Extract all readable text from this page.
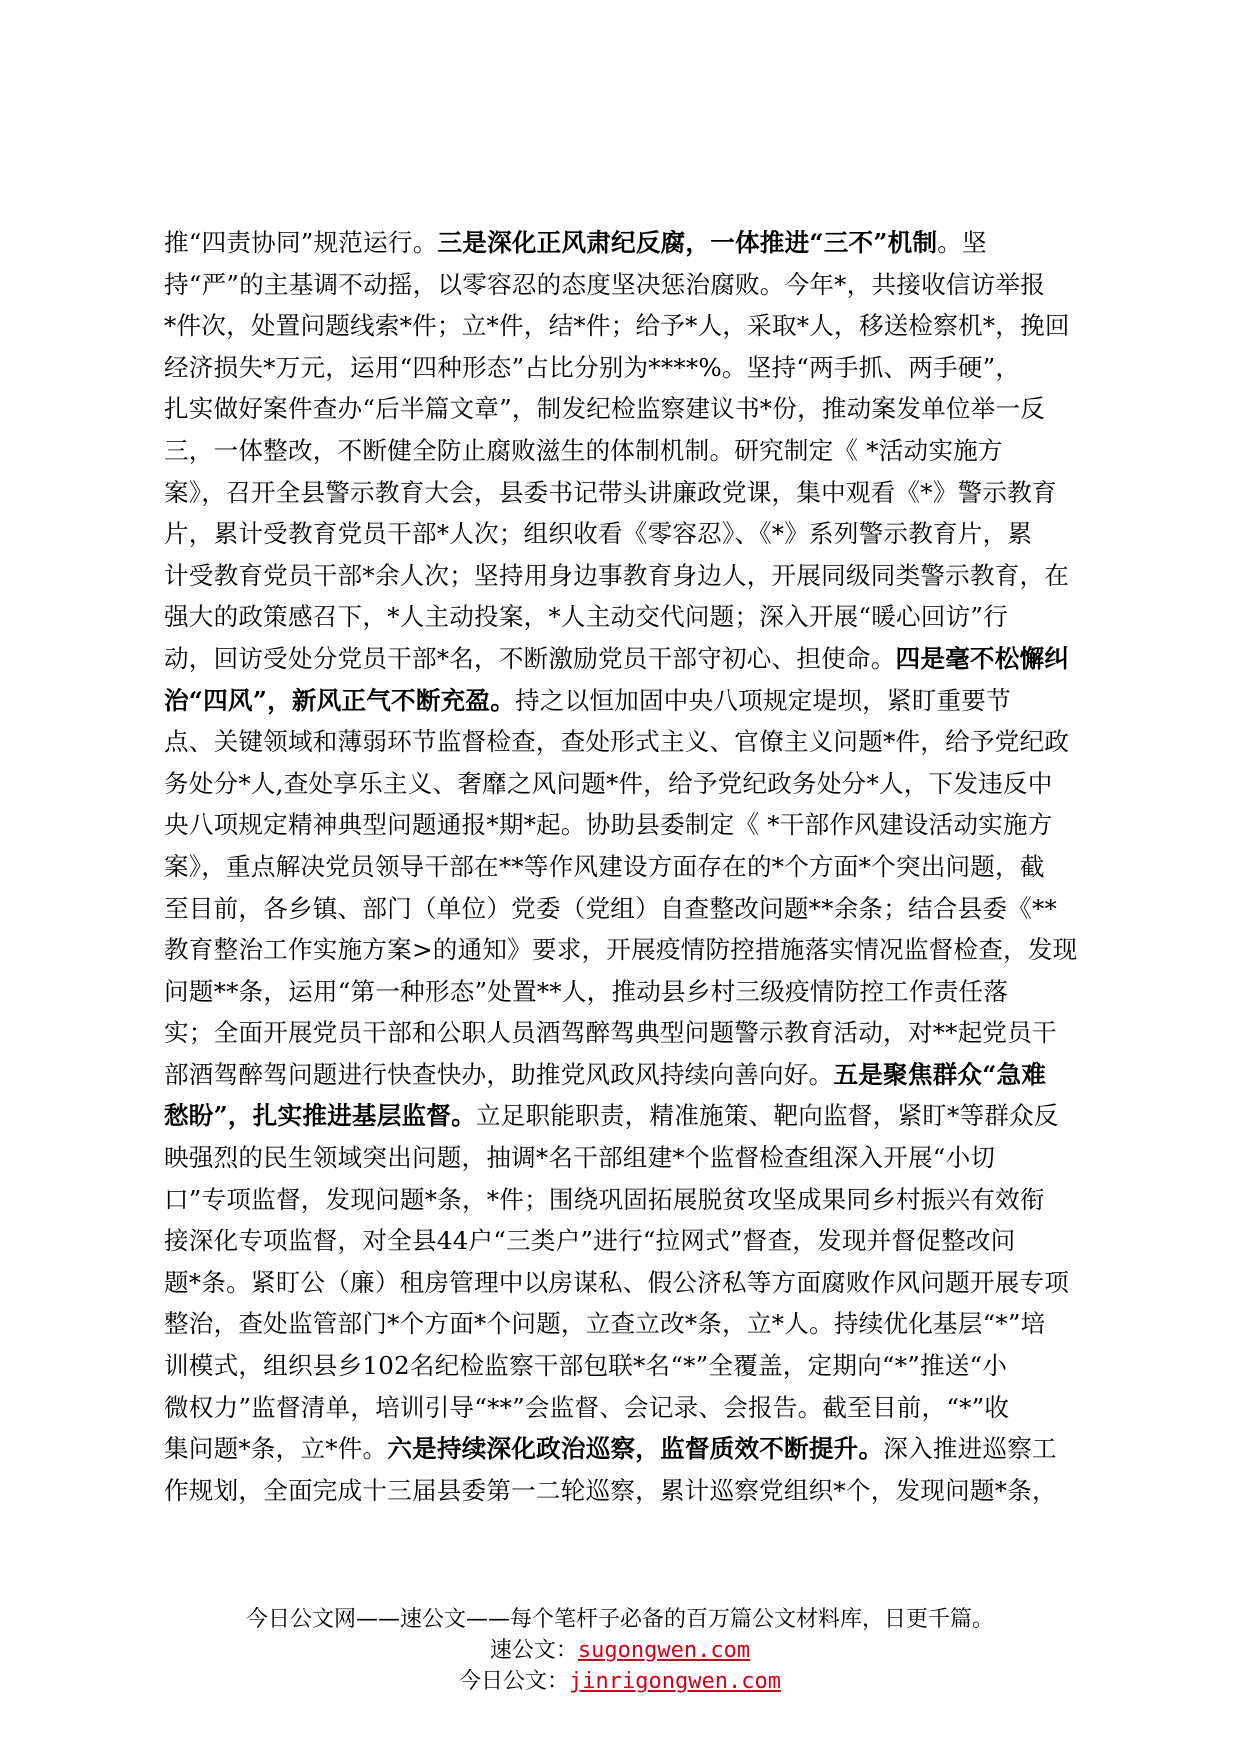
推“四责协同”规范运行。三是深化正风肃纪反腐，一体推进“三不”机制。坚
持“严”的主基调不动摇，以零容忍的态度坚决惩治腐败。今年*，共接收信访举报
*件次，处置问题线索*件；立*件，结*件；给予*人，采取*人，移送检察机*，挽回
经济损失*万元，运用“四种形态”占比分别为****%。坚持“两手抓、两手硬”，
扎实做好案件查办“后半篇文章”，制发纪检监察建议书*份，推动案发单位举一反
三，一体整改，不断健全防止腐败滋生的体制机制。研究制定《 *活动实施方
案》，召开全县警示教育大会，县委书记带头讲廉政党课，集中观看《*》警示教育
片，累计受教育党员干部*人次；组织收看《零容忍》、《*》系列警示教育片，累
计受教育党员干部*余人次；坚持用身边事教育身边人，开展同级同类警示教育，在
强大的政策感召下，*人主动投案，*人主动交代问题；深入开展“暖心回访”行
动，回访受处分党员干部*名，不断激励党员干部守初心、担使命。四是毫不松懈纠
治“四风”，新风正气不断充盈。持之以恒加固中央八项规定堤坝，紧盯重要节
点、关键领域和薄弱环节监督检查，查处形式主义、官僚主义问题*件，给予党纪政
务处分*人,查处享乐主义、奢靡之风问题*件，给予党纪政务处分*人，下发违反中
央八项规定精神典型问题通报*期*起。协助县委制定《 *干部作风建设活动实施方
案》，重点解决党员领导干部在**等作风建设方面存在的*个方面*个突出问题，截
至目前，各乡镇、部门（单位）党委（党组）自查整改问题**余条；结合县委《**
教育整治工作实施方案>的通知》要求，开展疫情防控措施落实情况监督检查，发现
问题**条，运用“第一种形态”处置**人，推动县乡村三级疫情防控工作责任落
实；全面开展党员干部和公职人员酒驾醉驾典型问题警示教育活动，对**起党员干
部酒驾醉驾问题进行快查快办，助推党风政风持续向善向好。五是聚焦群众“急难
愁盼”，扎实推进基层监督。立足职能职责，精准施策、靶向监督，紧盯*等群众反
映强烈的民生领域突出问题，抽调*名干部组建*个监督检查组深入开展“小切
口”专项监督，发现问题*条，*件；围绕巩固拓展脱贫攻坚成果同乡村振兴有效衔
接深化专项监督，对全县44户“三类户”进行“拉网式”督查，发现并督促整改问
题*条。紧盯公（廉）租房管理中以房谋私、假公济私等方面腐败作风问题开展专项
整治，查处监管部门*个方面*个问题，立查立改*条，立*人。持续优化基层“*”培
训模式，组织县乡102名纪检监察干部包联*名“*”全覆盖，定期向“*”推送“小
微权力”监督清单，培训引导“**”会监督、会记录、会报告。截至目前，“*”收
集问题*条，立*件。六是持续深化政治巡察，监督质效不断提升。深入推进巡察工
作规划，全面完成十三届县委第一二轮巡察，累计巡察党组织*个，发现问题*条，
今日公文网——速公文——每个笔杆子必备的百万篇公文材料库，日更千篇。
速公文：sugongwen.com
今日公文：jinrigongwen.com
